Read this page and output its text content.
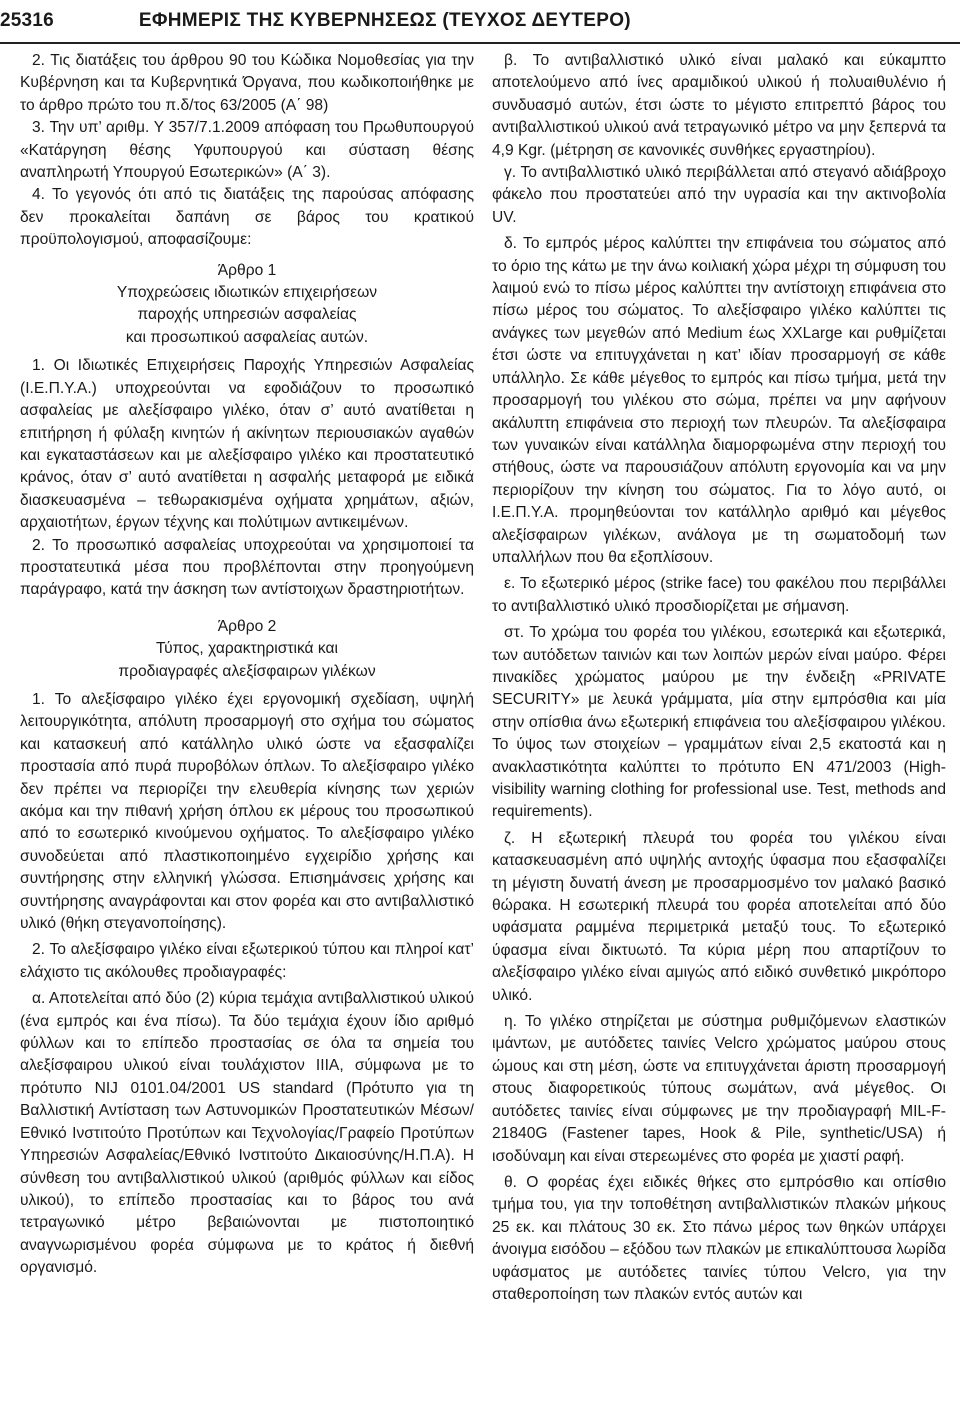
25316	ΕΦΗΜΕΡΙΣ ΤΗΣ ΚΥΒΕΡΝΗΣΕΩΣ (ΤΕΥΧΟΣ ΔΕΥΤΕΡΟ)

2. Τις διατάξεις του άρθρου 90 του Κώδικα Νομοθεσίας για την Κυβέρνηση και τα Κυβερνητικά Όργανα, που κωδικοποιήθηκε με το άρθρο πρώτο του π.δ/τος 63/2005 (Α΄ 98)

3. Την υπ’ αριθμ. Υ 357/7.1.2009 απόφαση του Πρωθυπουργού «Κατάργηση θέσης Υφυπουργού και σύσταση θέσης αναπληρωτή Υπουργού Εσωτερικών» (Α΄ 3).

4. Το γεγονός ότι από τις διατάξεις της παρούσας απόφασης δεν προκαλείται δαπάνη σε βάρος του κρατικού προϋπολογισμού, αποφασίζουμε:

Άρθρο 1
Υποχρεώσεις ιδιωτικών επιχειρήσεων
παροχής υπηρεσιών ασφαλείας
και προσωπικού ασφαλείας αυτών.

1. Οι Ιδιωτικές Επιχειρήσεις Παροχής Υπηρεσιών Ασφαλείας (Ι.Ε.Π.Υ.Α.) υποχρεούνται να εφοδιάζουν το προσωπικό ασφαλείας με αλεξίσφαιρο γιλέκο, όταν σ’ αυτό ανατίθεται η επιτήρηση ή φύλαξη κινητών ή ακίνητων περιουσιακών αγαθών και εγκαταστάσεων και με αλεξίσφαιρο γιλέκο και προστατευτικό κράνος, όταν σ’ αυτό ανατίθεται η ασφαλής μεταφορά με ειδικά διασκευασμένα – τεθωρακισμένα οχήματα χρημάτων, αξιών, αρχαιοτήτων, έργων τέχνης και πολύτιμων αντικειμένων.

2. Το προσωπικό ασφαλείας υποχρεούται να χρησιμοποιεί τα προστατευτικά μέσα που προβλέπονται στην προηγούμενη παράγραφο, κατά την άσκηση των αντίστοιχων δραστηριοτήτων.

Άρθρο 2
Τύπος, χαρακτηριστικά και
προδιαγραφές αλεξίσφαιρων γιλέκων

1. Το αλεξίσφαιρο γιλέκο έχει εργονομική σχεδίαση, υψηλή λειτουργικότητα, απόλυτη προσαρμογή στο σχήμα του σώματος και κατασκευή από κατάλληλο υλικό ώστε να εξασφαλίζει προστασία από πυρά πυροβόλων όπλων. Το αλεξίσφαιρο γιλέκο δεν πρέπει να περιορίζει την ελευθερία κίνησης των χεριών ακόμα και την πιθανή χρήση όπλου εκ μέρους του προσωπικού από το εσωτερικό κινούμενου οχήματος. Το αλεξίσφαιρο γιλέκο συνοδεύεται από πλαστικοποιημένο εγχειρίδιο χρήσης και συντήρησης στην ελληνική γλώσσα. Επισημάνσεις χρήσης και συντήρησης αναγράφονται και στον φορέα και στο αντιβαλλιστικό υλικό (θήκη στεγανοποίησης).

2. Το αλεξίσφαιρο γιλέκο είναι εξωτερικού τύπου και πληροί κατ’ ελάχιστο τις ακόλουθες προδιαγραφές:

α. Αποτελείται από δύο (2) κύρια τεμάχια αντιβαλλιστικού υλικού (ένα εμπρός και ένα πίσω). Τα δύο τεμάχια έχουν ίδιο αριθμό φύλλων και το επίπεδο προστασίας σε όλα τα σημεία του αλεξίσφαιρου υλικού είναι τουλάχιστον IIIA, σύμφωνα με το πρότυπο NIJ 0101.04/2001 US standard (Πρότυπο για τη Βαλλιστική Αντίσταση των Αστυνομικών Προστατευτικών Μέσων/Εθνικό Ινστιτούτο Προτύπων και Τεχνολογίας/Γραφείο Προτύπων Υπηρεσιών Ασφαλείας/Εθνικό Ινστιτούτο Δικαιοσύνης/Η.Π.Α). Η σύνθεση του αντιβαλλιστικού υλικού (αριθμός φύλλων και είδος υλικού), το επίπεδο προστασίας και το βάρος του ανά τετραγωνικό μέτρο βεβαιώνονται με πιστοποιητικό αναγνωρισμένου φορέα σύμφωνα με το κράτος ή διεθνή οργανισμό.

β. Το αντιβαλλιστικό υλικό είναι μαλακό και εύκαμπτο αποτελούμενο από ίνες αραμιδικού υλικού ή πολυαιθυλένιο ή συνδυασμό αυτών, έτσι ώστε το μέγιστο επιτρεπτό βάρος του αντιβαλλιστικού υλικού ανά τετραγωνικό μέτρο να μην ξεπερνά τα 4,9 Kgr. (μέτρηση σε κανονικές συνθήκες εργαστηρίου).

γ. Το αντιβαλλιστικό υλικό περιβάλλεται από στεγανό αδιάβροχο φάκελο που προστατεύει από την υγρασία και την ακτινοβολία UV.

δ. Το εμπρός μέρος καλύπτει την επιφάνεια του σώματος από το όριο της κάτω με την άνω κοιλιακή χώρα μέχρι τη σύμφυση του λαιμού ενώ το πίσω μέρος καλύπτει την αντίστοιχη επιφάνεια στο πίσω μέρος του σώματος. Το αλεξίσφαιρο γιλέκο καλύπτει τις ανάγκες των μεγεθών από Medium έως XXLarge και ρυθμίζεται έτσι ώστε να επιτυγχάνεται η κατ’ ιδίαν προσαρμογή σε κάθε υπάλληλο. Σε κάθε μέγεθος το εμπρός και πίσω τμήμα, μετά την προσαρμογή του γιλέκου στο σώμα, πρέπει να μην αφήνουν ακάλυπτη επιφάνεια στο περιοχή των πλευρών. Τα αλεξίσφαιρα των γυναικών είναι κατάλληλα διαμορφωμένα στην περιοχή του στήθους, ώστε να παρουσιάζουν απόλυτη εργονομία και να μην περιορίζουν την κίνηση του σώματος. Για το λόγο αυτό, οι Ι.Ε.Π.Υ.Α. προμηθεύονται τον κατάλληλο αριθμό και μέγεθος αλεξίσφαιρων γιλέκων, ανάλογα με τη σωματοδομή των υπαλλήλων που θα εξοπλίσουν.

ε. Το εξωτερικό μέρος (strike face) του φακέλου που περιβάλλει το αντιβαλλιστικό υλικό προσδιορίζεται με σήμανση.

στ. Το χρώμα του φορέα του γιλέκου, εσωτερικά και εξωτερικά, των αυτόδετων ταινιών και των λοιπών μερών είναι μαύρο. Φέρει πινακίδες χρώματος μαύρου με την ένδειξη «PRIVATE SECURITY» με λευκά γράμματα, μία στην εμπρόσθια και μία στην οπίσθια άνω εξωτερική επιφάνεια του αλεξίσφαιρου γιλέκου. Το ύψος των στοιχείων – γραμμάτων είναι 2,5 εκατοστά και η ανακλαστικότητα καλύπτει το πρότυπο EN 471/2003 (High-visibility warning clothing for professional use. Test, methods and requirements).

ζ. Η εξωτερική πλευρά του φορέα του γιλέκου είναι κατασκευασμένη από υψηλής αντοχής ύφασμα που εξασφαλίζει τη μέγιστη δυνατή άνεση με προσαρμοσμένο τον μαλακό βασικό θώρακα. Η εσωτερική πλευρά του φορέα αποτελείται από δύο υφάσματα ραμμένα περιμετρικά μεταξύ τους. Το εξωτερικό ύφασμα είναι δικτυωτό. Τα κύρια μέρη που απαρτίζουν το αλεξίσφαιρο γιλέκο είναι αμιγώς από ειδικό συνθετικό μικρόπορο υλικό.

η. Το γιλέκο στηρίζεται με σύστημα ρυθμιζόμενων ελαστικών ιμάντων, με αυτόδετες ταινίες Velcro χρώματος μαύρου στους ώμους και στη μέση, ώστε να επιτυγχάνεται άριστη προσαρμογή στους διαφορετικούς τύπους σωμάτων, ανά μέγεθος. Οι αυτόδετες ταινίες είναι σύμφωνες με την προδιαγραφή MIL-F-21840G (Fastener tapes, Hook & Pile, synthetic/USA) ή ισοδύναμη και είναι στερεωμένες στο φορέα με χιαστί ραφή.

θ. Ο φορέας έχει ειδικές θήκες στο εμπρόσθιο και οπίσθιο τμήμα του, για την τοποθέτηση αντιβαλλιστικών πλακών μήκους 25 εκ. και πλάτους 30 εκ. Στο πάνω μέρος των θηκών υπάρχει άνοιγμα εισόδου – εξόδου των πλακών με επικαλύπτουσα λωρίδα υφάσματος με αυτόδετες ταινίες τύπου Velcro, για την σταθεροποίηση των πλακών εντός αυτών και
